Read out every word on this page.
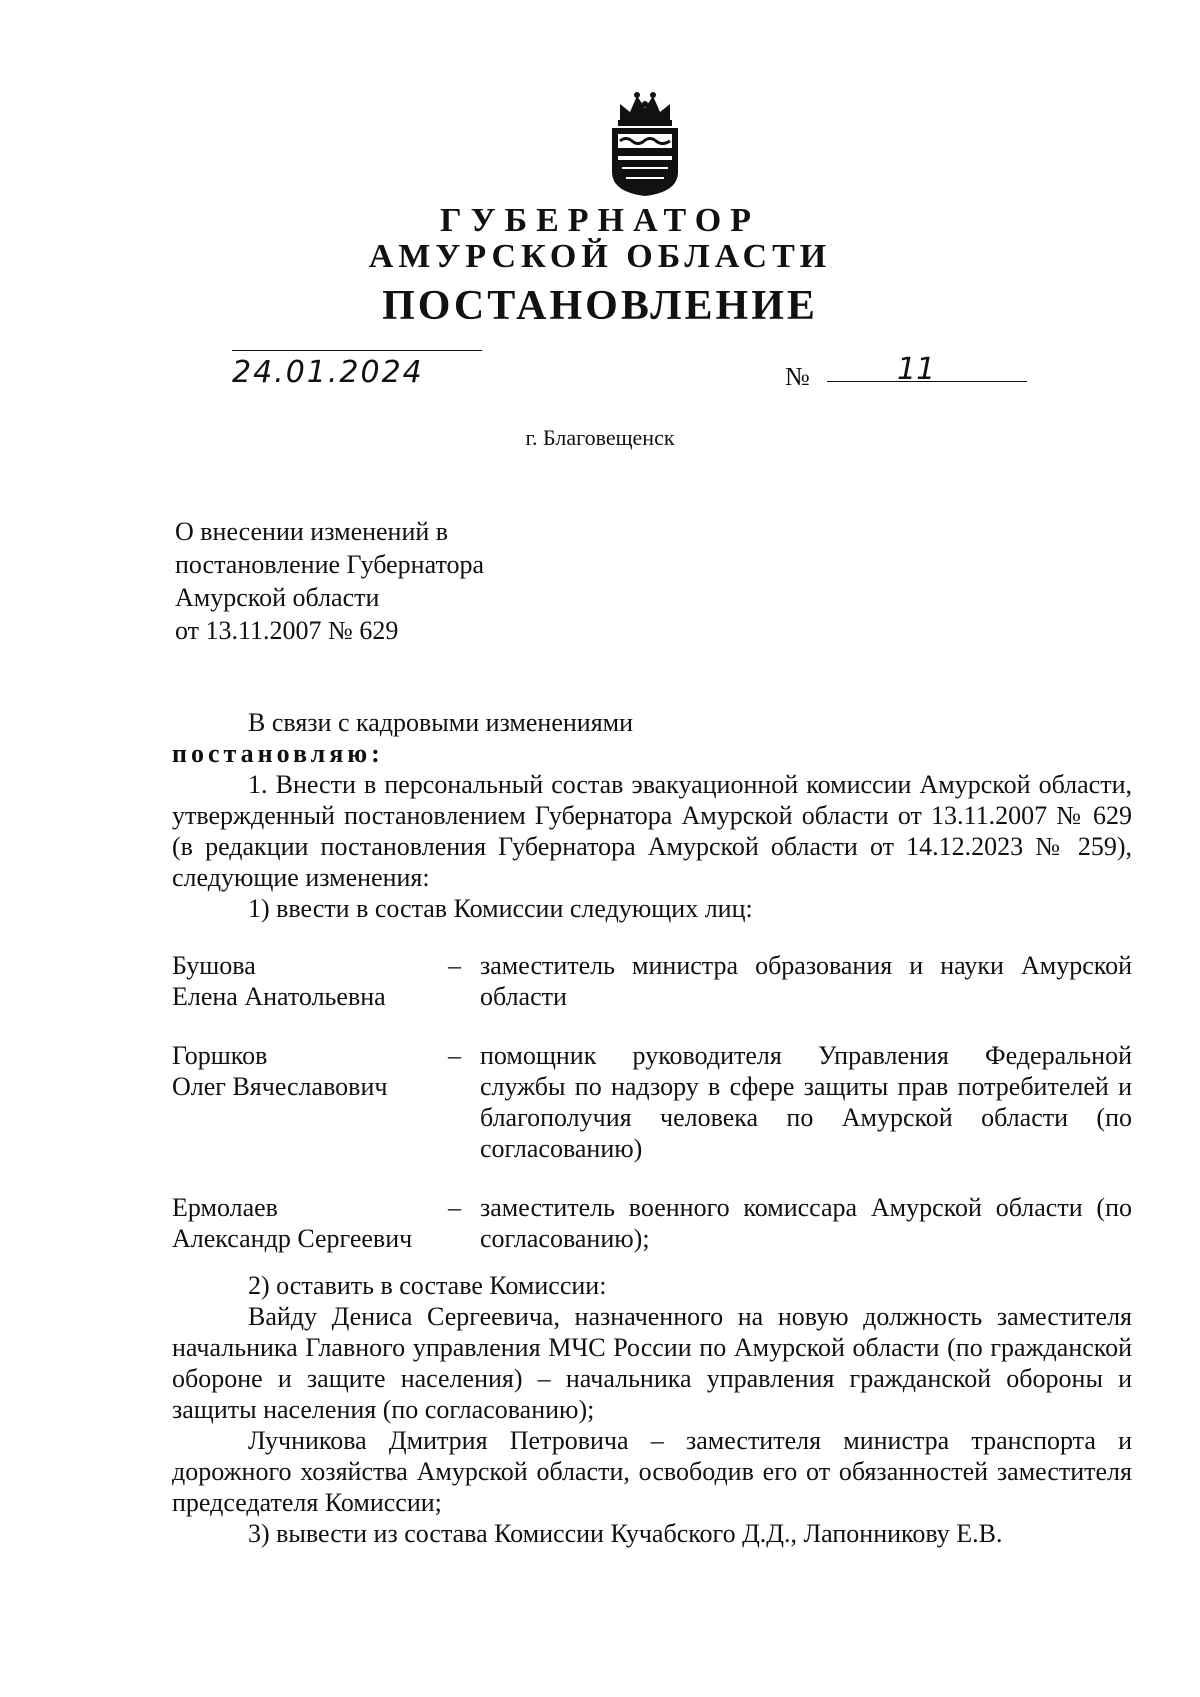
ГУБЕРНАТОР
АМУРСКОЙ ОБЛАСТИ
ПОСТАНОВЛЕНИЕ
24.01.2024	№	11
г. Благовещенск
О внесении изменений в
постановление Губернатора
Амурской области
от 13.11.2007 № 629

В связи с кадровыми изменениями

постановляю:

1. Внести в персональный состав эвакуационной комиссии Амурской области, утвержденный постановлением Губернатора Амурской области от 13.11.2007 № 629 (в редакции постановления Губернатора Амурской области от 14.12.2023 № 259), следующие изменения:

1) ввести в состав Комиссии следующих лиц:

Бушова
Елена Анатольевна
– заместитель министра образования и науки Амурской области
Горшков
Олег Вячеславович
– помощник руководителя Управления Федеральной службы по надзору в сфере защиты прав потребителей и благополучия человека по Амурской области (по согласованию)
Ермолаев
Александр Сергеевич
– заместитель военного комиссара Амурской области (по согласованию);

2) оставить в составе Комиссии:

Вайду Дениса Сергеевича, назначенного на новую должность заместителя начальника Главного управления МЧС России по Амурской области (по гражданской обороне и защите населения) – начальника управления гражданской обороны и защиты населения (по согласованию);

Лучникова Дмитрия Петровича – заместителя министра транспорта и дорожного хозяйства Амурской области, освободив его от обязанностей заместителя председателя Комиссии;

3) вывести из состава Комиссии Кучабского Д.Д., Лапонникову Е.В.
